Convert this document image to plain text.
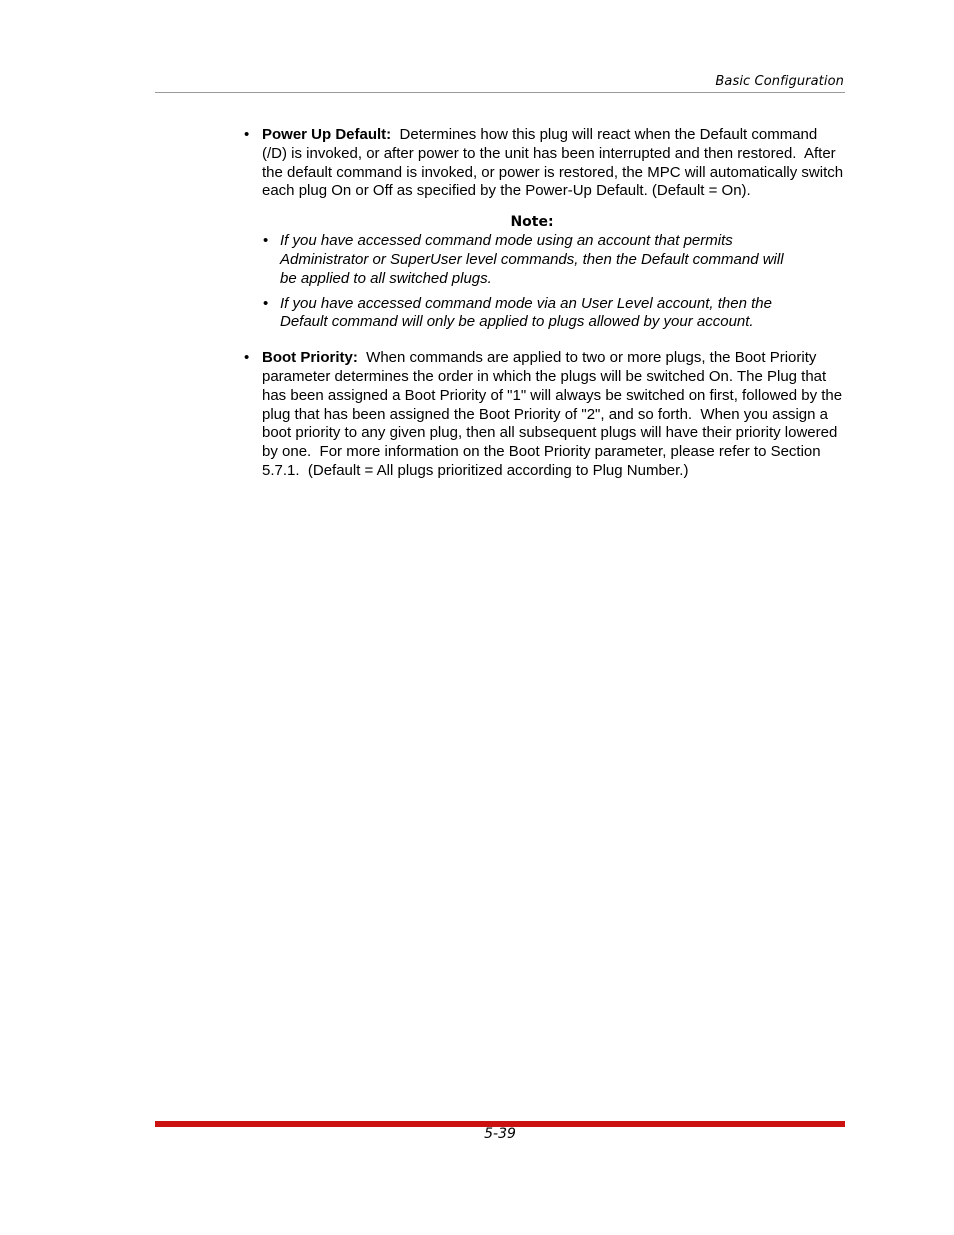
Basic Configuration
• Power Up Default:  Determines how this plug will react when the Default command (/D) is invoked, or after power to the unit has been interrupted and then restored.  After the default command is invoked, or power is restored, the MPC will automatically switch each plug On or Off as specified by the Power-Up Default. (Default = On).
Note:
• If you have accessed command mode using an account that permits Administrator or SuperUser level commands, then the Default command will be applied to all switched plugs.
• If you have accessed command mode via an User Level account, then the Default command will only be applied to plugs allowed by your account.
• Boot Priority:  When commands are applied to two or more plugs, the Boot Priority parameter determines the order in which the plugs will be switched On. The Plug that has been assigned a Boot Priority of "1" will always be switched on first, followed by the plug that has been assigned the Boot Priority of "2", and so forth.  When you assign a boot priority to any given plug, then all subsequent plugs will have their priority lowered by one.  For more information on the Boot Priority parameter, please refer to Section 5.7.1.  (Default = All plugs prioritized according to Plug Number.)
5-39
